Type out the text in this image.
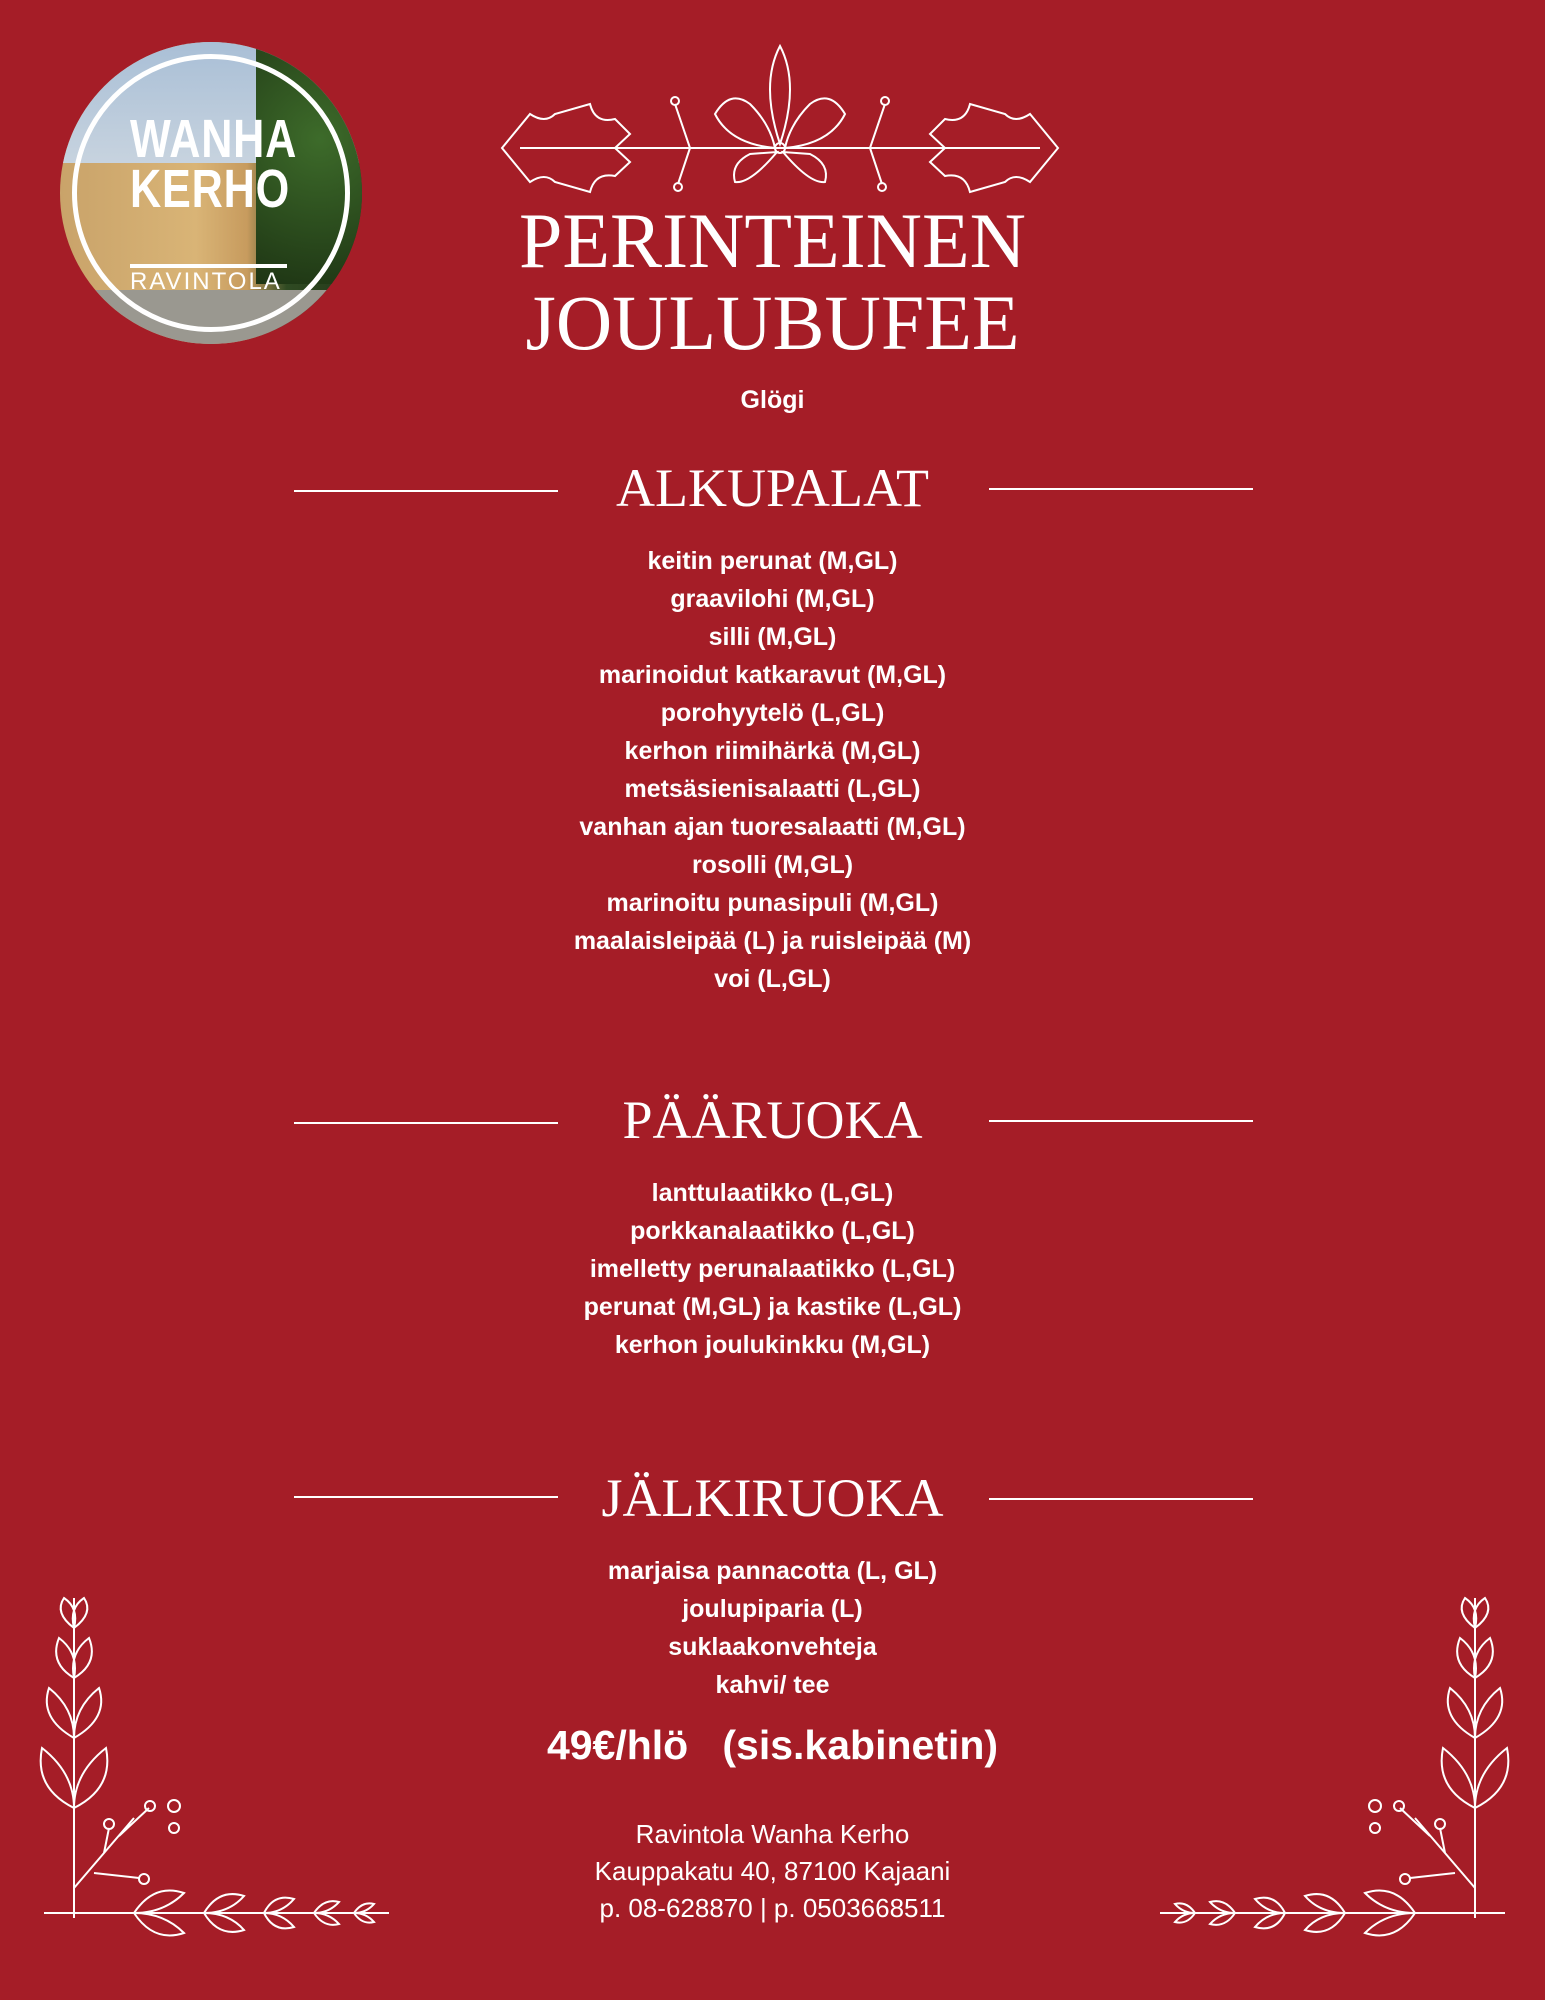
WANHA
KERHO
RAVINTOLA	PERINTEINEN
JOULUBUFEE
Glögi
ALKUPALAT
keitin perunat (M,GL)
graavilohi (M,GL)
silli (M,GL)
marinoidut katkaravut (M,GL)
porohyytelö (L,GL)
kerhon riimihärkä (M,GL)
metsäsienisalaatti (L,GL)
vanhan ajan tuoresalaatti (M,GL)
rosolli (M,GL)
marinoitu punasipuli (M,GL)
maalaisleipää (L) ja ruisleipää (M)
voi (L,GL)
PÄÄRUOKA
lanttulaatikko (L,GL)
porkkanalaatikko (L,GL)
imelletty perunalaatikko (L,GL)
perunat (M,GL) ja kastike (L,GL)
kerhon joulukinkku (M,GL)
JÄLKIRUOKA
marjaisa pannacotta (L, GL)
joulupiparia (L)
suklaakonvehteja
kahvi/ tee
49€/hlö   (sis.kabinetin)
Ravintola Wanha Kerho
Kauppakatu 40, 87100 Kajaani
p. 08-628870 | p. 0503668511
